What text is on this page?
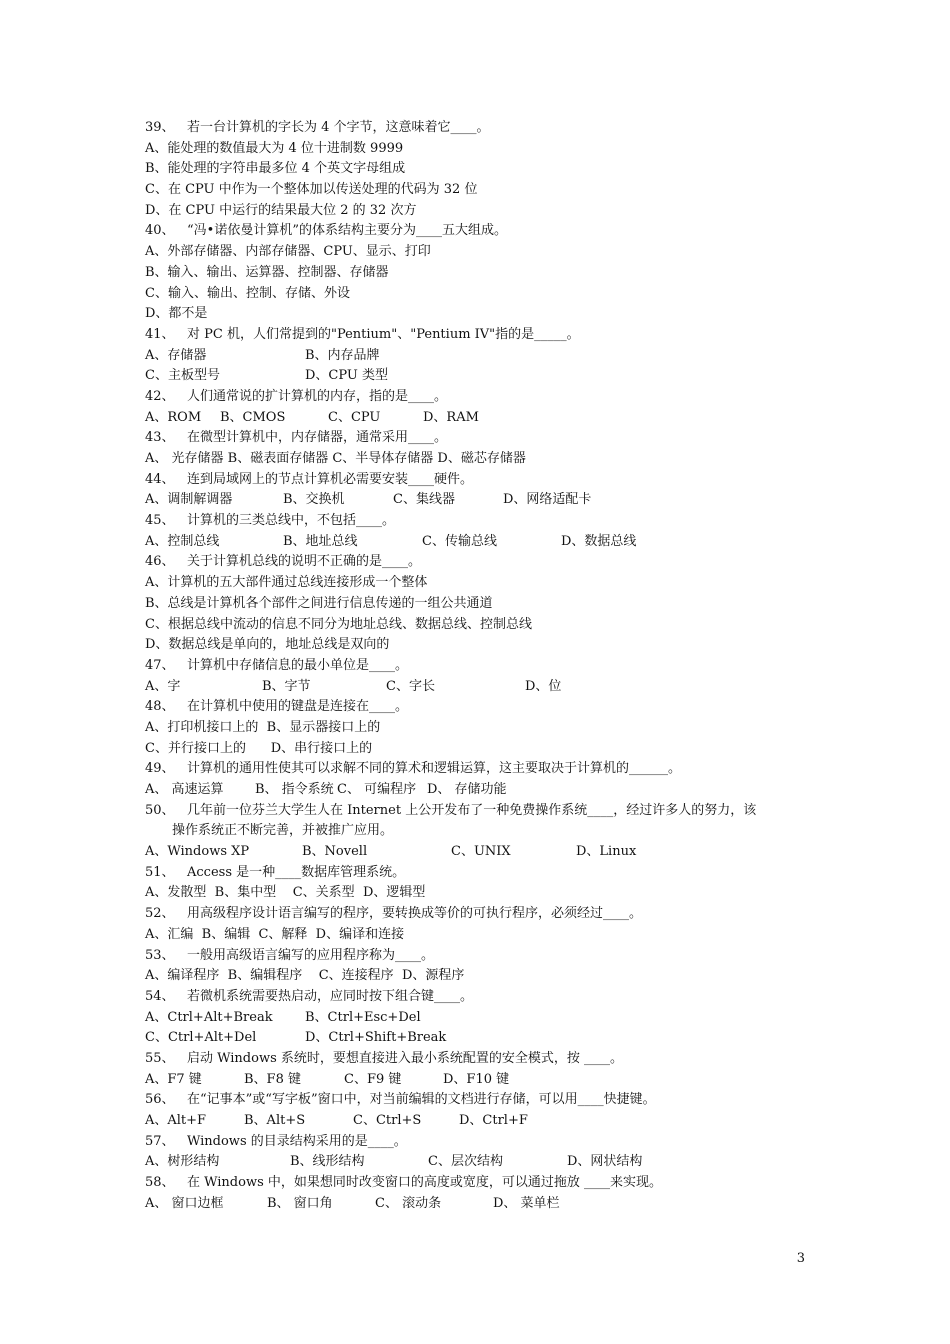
39、 若一台计算机的字长为 4 个字节，这意味着它____。
A、能处理的数值最大为 4 位十进制数 9999
B、能处理的字符串最多位 4 个英文字母组成
C、在 CPU 中作为一个整体加以传送处理的代码为 32 位
D、在 CPU 中运行的结果最大位 2 的 32 次方
40、 “冯•诺依曼计算机”的体系结构主要分为____五大组成。
A、外部存储器、内部存储器、CPU、显示、打印
B、输入、输出、运算器、控制器、存储器
C、输入、输出、控制、存储、外设
D、都不是
41、 对 PC 机，人们常提到的"Pentium"、"Pentium IV"指的是_____。
A、存储器	B、内存品牌
C、主板型号	D、CPU 类型
42、 人们通常说的扩计算机的内存，指的是____。
A、ROM B、CMOS	C、CPU	D、RAM
43、 在微型计算机中，内存储器，通常采用____。
A、 光存储器 B、磁表面存储器 C、半导体存储器 D、磁芯存储器
44、 连到局域网上的节点计算机必需要安装____硬件。
A、调制解调器	B、交换机	C、集线器	D、网络适配卡
45、 计算机的三类总线中，不包括____。
A、控制总线	B、地址总线	C、传输总线	D、数据总线
46、 关于计算机总线的说明不正确的是____。
A、计算机的五大部件通过总线连接形成一个整体
B、总线是计算机各个部件之间进行信息传递的一组公共通道
C、根据总线中流动的信息不同分为地址总线、数据总线、控制总线
D、数据总线是单向的，地址总线是双向的
47、 计算机中存储信息的最小单位是____。
A、字	B、字节	C、字长	D、位
48、 在计算机中使用的键盘是连接在____。
A、打印机接口上的  B、显示器接口上的
C、并行接口上的      D、串行接口上的
49、 计算机的通用性使其可以求解不同的算术和逻辑运算，这主要取决于计算机的______。
A、 高速运算 B、 指令系统 C、 可编程序 D、 存储功能
50、 几年前一位芬兰大学生人在 Internet 上公开发布了一种免费操作系统____，经过许多人的努力，该
操作系统正不断完善，并被推广应用。
A、Windows XP	B、Novell	C、UNIX	D、Linux
51、 Access 是一种____数据库管理系统。
A、发散型  B、集中型    C、关系型  D、逻辑型
52、 用高级程序设计语言编写的程序，要转换成等价的可执行程序，必须经过____。
A、汇编  B、编辑  C、解释  D、编译和连接
53、 一般用高级语言编写的应用程序称为____。
A、编译程序  B、编辑程序    C、连接程序  D、源程序
54、 若微机系统需要热启动，应同时按下组合键____。
A、Ctrl+Alt+Break B、Ctrl+Esc+Del
C、Ctrl+Alt+Del	D、Ctrl+Shift+Break
55、 启动 Windows 系统时，要想直接进入最小系统配置的安全模式，按 ____。
A、F7 键	B、F8 键	C、F9 键	D、F10 键
56、 在“记事本”或“写字板”窗口中，对当前编辑的文档进行存储，可以用____快捷键。
A、Alt+F	B、Alt+S	C、Ctrl+S	D、Ctrl+F
57、 Windows 的目录结构采用的是____。
A、树形结构	B、线形结构	C、层次结构	D、网状结构
58、 在 Windows 中，如果想同时改变窗口的高度或宽度，可以通过拖放 ____来实现。
A、 窗口边框	B、 窗口角	C、 滚动条	D、 菜单栏
3
